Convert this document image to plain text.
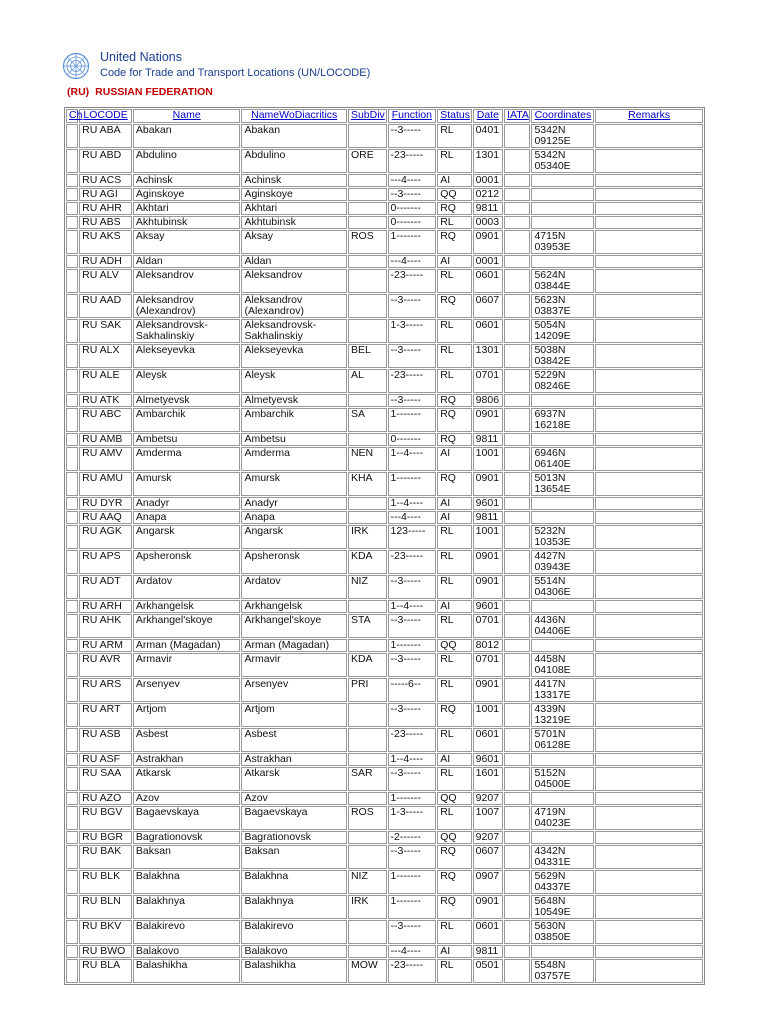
United Nations
Code for Trade and Transport Locations (UN/LOCODE)
(RU) RUSSIAN FEDERATION
Ch	LOCODE	Name	NameWoDiacritics	SubDiv	Function	Status	Date	IATA	Coordinates	Remarks
	RU ABA	Abakan	Abakan		--3-----	RL	0401		5342N 09125E	
	RU ABD	Abdulino	Abdulino	ORE	-23-----	RL	1301		5342N 05340E	
	RU ACS	Achinsk	Achinsk		---4----	AI	0001			
	RU AGI	Aginskoye	Aginskoye		--3-----	QQ	0212			
	RU AHR	Akhtari	Akhtari		0-------	RQ	9811			
	RU ABS	Akhtubinsk	Akhtubinsk		0-------	RL	0003			
	RU AKS	Aksay	Aksay	ROS	1-------	RQ	0901		4715N 03953E	
	RU ADH	Aldan	Aldan		---4----	AI	0001			
	RU ALV	Aleksandrov	Aleksandrov		-23-----	RL	0601		5624N 03844E	
	RU AAD	Aleksandrov (Alexandrov)	Aleksandrov (Alexandrov)		--3-----	RQ	0607		5623N 03837E	
	RU SAK	Aleksandrovsk-Sakhalinskiy	Aleksandrovsk-Sakhalinskiy		1-3-----	RL	0601		5054N 14209E	
	RU ALX	Alekseyevka	Alekseyevka	BEL	--3-----	RL	1301		5038N 03842E	
	RU ALE	Aleysk	Aleysk	AL	-23-----	RL	0701		5229N 08246E	
	RU ATK	Almetyevsk	Almetyevsk		--3-----	RQ	9806			
	RU ABC	Ambarchik	Ambarchik	SA	1-------	RQ	0901		6937N 16218E	
	RU AMB	Ambetsu	Ambetsu		0-------	RQ	9811			
	RU AMV	Amderma	Amderma	NEN	1--4----	AI	1001		6946N 06140E	
	RU AMU	Amursk	Amursk	KHA	1-------	RQ	0901		5013N 13654E	
	RU DYR	Anadyr	Anadyr		1--4----	AI	9601			
	RU AAQ	Anapa	Anapa		---4----	AI	9811			
	RU AGK	Angarsk	Angarsk	IRK	123-----	RL	1001		5232N 10353E	
	RU APS	Apsheronsk	Apsheronsk	KDA	-23-----	RL	0901		4427N 03943E	
	RU ADT	Ardatov	Ardatov	NIZ	--3-----	RL	0901		5514N 04306E	
	RU ARH	Arkhangelsk	Arkhangelsk		1--4----	AI	9601			
	RU AHK	Arkhangel'skoye	Arkhangel'skoye	STA	--3-----	RL	0701		4436N 04406E	
	RU ARM	Arman (Magadan)	Arman (Magadan)		1-------	QQ	8012			
	RU AVR	Armavir	Armavir	KDA	--3-----	RL	0701		4458N 04108E	
	RU ARS	Arsenyev	Arsenyev	PRI	-----6--	RL	0901		4417N 13317E	
	RU ART	Artjom	Artjom		--3-----	RQ	1001		4339N 13219E	
	RU ASB	Asbest	Asbest		-23-----	RL	0601		5701N 06128E	
	RU ASF	Astrakhan	Astrakhan		1--4----	AI	9601			
	RU SAA	Atkarsk	Atkarsk	SAR	--3-----	RL	1601		5152N 04500E	
	RU AZO	Azov	Azov		1-------	QQ	9207			
	RU BGV	Bagaevskaya	Bagaevskaya	ROS	1-3-----	RL	1007		4719N 04023E	
	RU BGR	Bagrationovsk	Bagrationovsk		-2------	QQ	9207			
	RU BAK	Baksan	Baksan		--3-----	RQ	0607		4342N 04331E	
	RU BLK	Balakhna	Balakhna	NIZ	1-------	RQ	0907		5629N 04337E	
	RU BLN	Balakhnya	Balakhnya	IRK	1-------	RQ	0901		5648N 10549E	
	RU BKV	Balakirevo	Balakirevo		--3-----	RL	0601		5630N 03850E	
	RU BWO	Balakovo	Balakovo		---4----	AI	9811			
	RU BLA	Balashikha	Balashikha	MOW	-23-----	RL	0501		5548N 03757E	
